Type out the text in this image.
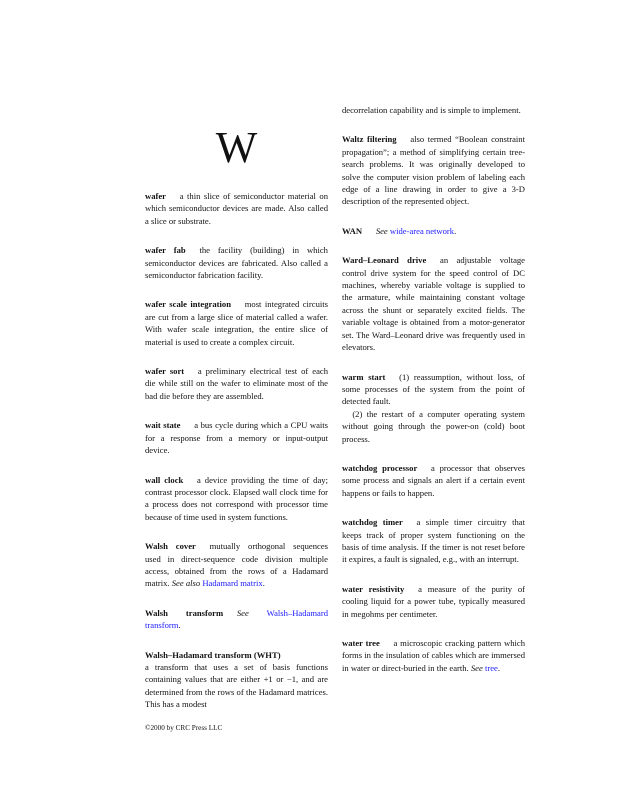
W

wafer a thin slice of semiconductor material on which semiconductor devices are made. Also called a slice or substrate.

wafer fab the facility (building) in which semiconductor devices are fabricated. Also called a semiconductor fabrication facility.

wafer scale integration most integrated circuits are cut from a large slice of material called a wafer. With wafer scale integration, the entire slice of material is used to create a complex circuit.

wafer sort a preliminary electrical test of each die while still on the wafer to eliminate most of the bad die before they are assembled.

wait state a bus cycle during which a CPU waits for a response from a memory or input-output device.

wall clock a device providing the time of day; contrast processor clock. Elapsed wall clock time for a process does not correspond with processor time because of time used in system functions.

Walsh cover mutually orthogonal sequences used in direct-sequence code division multiple access, obtained from the rows of a Hadamard matrix. See also Hadamard matrix.

Walsh transform See Walsh–Hadamard transform.

Walsh–Hadamard transform (WHT)
a transform that uses a set of basis functions containing values that are either +1 or −1, and are determined from the rows of the Hadamard matrices. This has a modest

decorrelation capability and is simple to implement.

Waltz filtering also termed “Boolean constraint propagation”; a method of simplifying certain tree-search problems. It was originally developed to solve the computer vision problem of labeling each edge of a line drawing in order to give a 3-D description of the represented object.

WAN See wide-area network.

Ward–Leonard drive an adjustable voltage control drive system for the speed control of DC machines, whereby variable voltage is supplied to the armature, while maintaining constant voltage across the shunt or separately excited fields. The variable voltage is obtained from a motor-generator set. The Ward–Leonard drive was frequently used in elevators.

warm start (1) reassumption, without loss, of some processes of the system from the point of detected fault.
(2) the restart of a computer operating system without going through the power-on (cold) boot process.

watchdog processor a processor that observes some process and signals an alert if a certain event happens or fails to happen.

watchdog timer a simple timer circuitry that keeps track of proper system functioning on the basis of time analysis. If the timer is not reset before it expires, a fault is signaled, e.g., with an interrupt.

water resistivity a measure of the purity of cooling liquid for a power tube, typically measured in megohms per centimeter.

water tree a microscopic cracking pattern which forms in the insulation of cables which are immersed in water or direct-buried in the earth. See tree.

©2000 by CRC Press LLC
